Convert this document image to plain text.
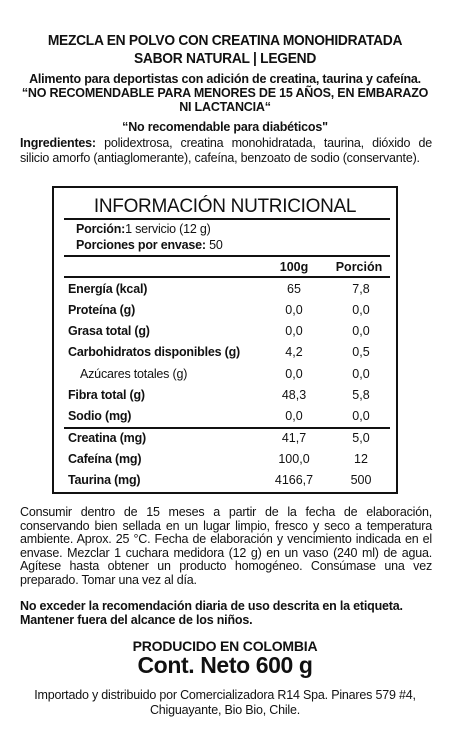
MEZCLA EN POLVO CON CREATINA MONOHIDRATADA
SABOR NATURAL | LEGEND
Alimento para deportistas con adición de creatina, taurina y cafeína.
“NO RECOMENDABLE PARA MENORES DE 15 AÑOS, EN EMBARAZO
NI LACTANCIA“
“No recomendable para diabéticos"
Ingredientes: polidextrosa, creatina monohidratada, taurina, dióxido de silicio amorfo (antiaglomerante), cafeína, benzoato de sodio (conservante).
INFORMACIÓN NUTRICIONAL
Porción:1 servicio (12 g)
Porciones por envase: 50
100g	Porción
Energía (kcal)	65	7,8
Proteína (g)	0,0	0,0
Grasa total (g)	0,0	0,0
Carbohidratos disponibles (g)	4,2	0,5
Azúcares totales (g)	0,0	0,0
Fibra total (g)	48,3	5,8
Sodio (mg)	0,0	0,0
Creatina (mg)	41,7	5,0
Cafeína (mg)	100,0	12
Taurina (mg)	4166,7	500
Consumir dentro de 15 meses a partir de la fecha de elaboración, conservando bien sellada en un lugar limpio, fresco y seco a temperatura ambiente. Aprox. 25 °C. Fecha de elaboración y vencimiento indicada en el envase. Mezclar 1 cuchara medidora (12 g) en un vaso (240 ml) de agua. Agítese hasta obtener un producto homogéneo. Consúmase una vez preparado. Tomar una vez al día.
No exceder la recomendación diaria de uso descrita en la etiqueta.
Mantener fuera del alcance de los niños.
PRODUCIDO EN COLOMBIA
Cont. Neto 600 g
Importado y distribuido por Comercializadora R14 Spa. Pinares 579 #4,
Chiguayante, Bio Bio, Chile.
